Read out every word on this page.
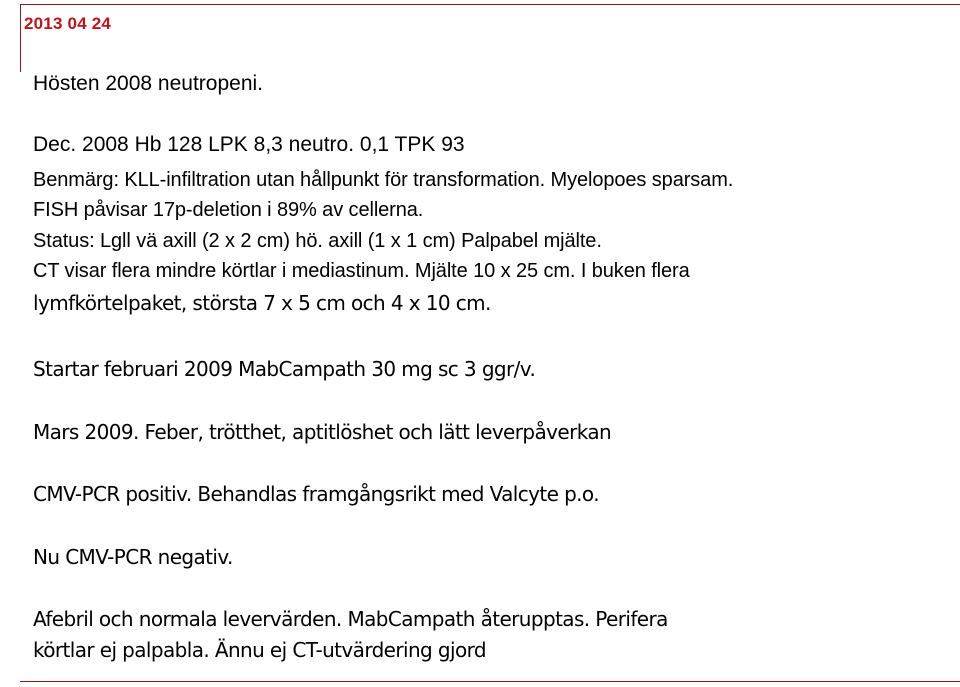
2013 04 24
Hösten 2008 neutropeni.
Dec. 2008 Hb 128 LPK 8,3 neutro. 0,1 TPK 93
Benmärg: KLL-infiltration utan hållpunkt för transformation. Myelopoes sparsam.
FISH påvisar 17p-deletion i 89% av cellerna.
Status: Lgll vä axill (2 x 2 cm) hö. axill (1 x 1 cm) Palpabel mjälte.
CT visar flera mindre körtlar i mediastinum. Mjälte 10 x 25 cm. I buken flera
lymfkörtelpaket, största 7 x 5 cm och 4 x 10 cm.
Startar februari 2009 MabCampath 30 mg sc 3 ggr/v.
Mars 2009. Feber, trötthet, aptitlöshet och lätt leverpåverkan
CMV-PCR positiv. Behandlas framgångsrikt med Valcyte p.o.
Nu CMV-PCR negativ.
Afebril och normala levervärden. MabCampath återupptas. Perifera
körtlar ej palpabla. Ännu ej CT-utvärdering gjord
